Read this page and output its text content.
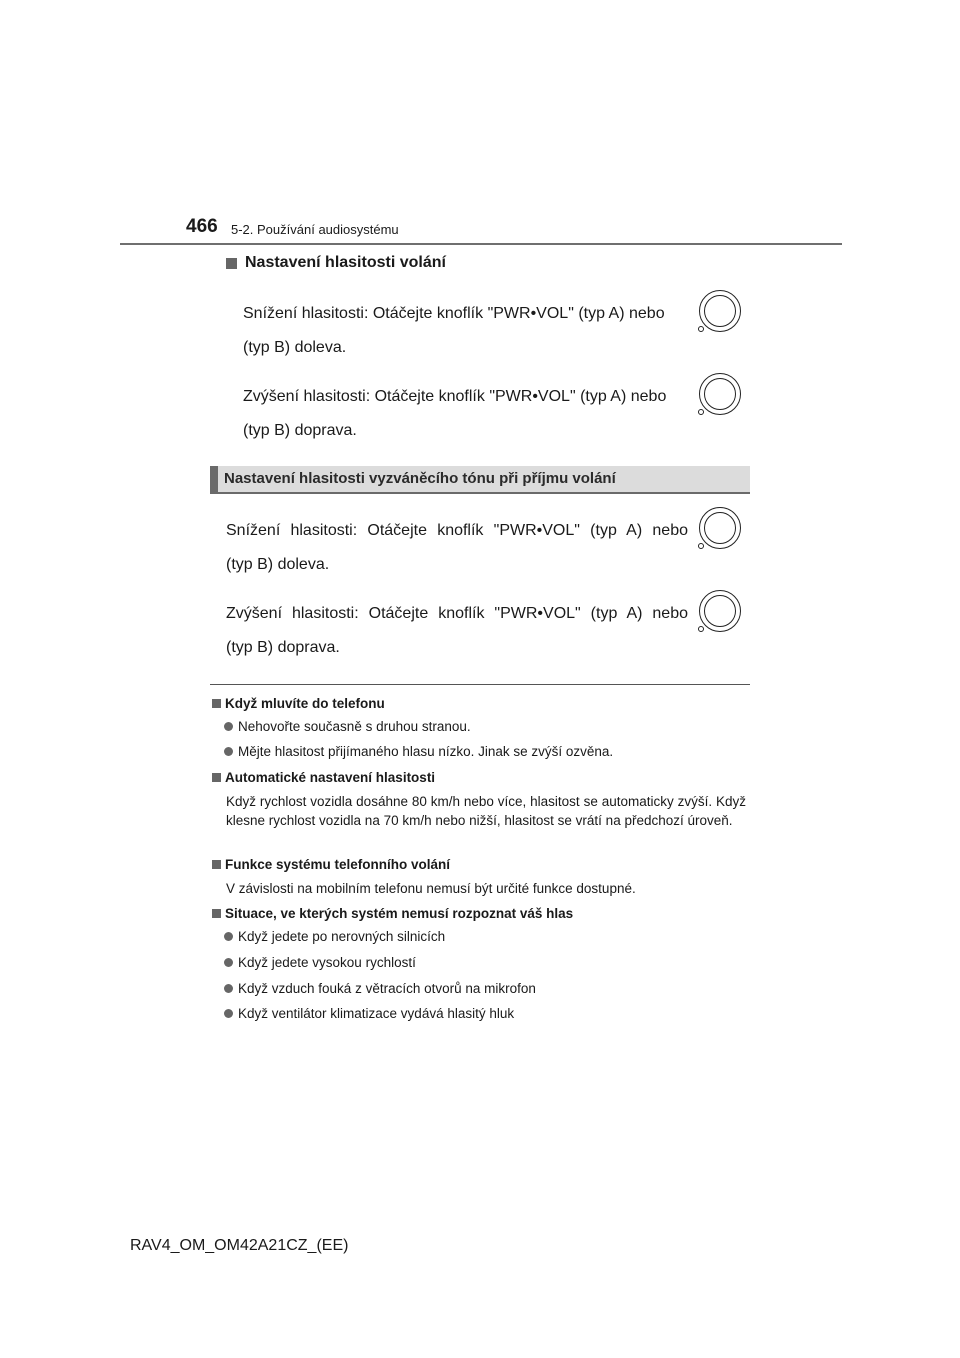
466 5-2. Používání audiosystému
Nastavení hlasitosti volání
Snížení hlasitosti: Otáčejte knoflík "PWR•VOL" (typ A) nebo
(typ B) doleva.
Zvýšení hlasitosti: Otáčejte knoflík "PWR•VOL" (typ A) nebo
(typ B) doprava.
Nastavení hlasitosti vyzváněcího tónu při příjmu volání
Snížení hlasitosti: Otáčejte knoflík "PWR•VOL" (typ A) nebo
(typ B) doleva.
Zvýšení hlasitosti: Otáčejte knoflík "PWR•VOL" (typ A) nebo
(typ B) doprava.
Když mluvíte do telefonu
Nehovořte současně s druhou stranou.
Mějte hlasitost přijímaného hlasu nízko. Jinak se zvýší ozvěna.
Automatické nastavení hlasitosti
Když rychlost vozidla dosáhne 80 km/h nebo více, hlasitost se automaticky zvýší. Když klesne rychlost vozidla na 70 km/h nebo nižší, hlasitost se vrátí na předchozí úroveň.
Funkce systému telefonního volání
V závislosti na mobilním telefonu nemusí být určité funkce dostupné.
Situace, ve kterých systém nemusí rozpoznat váš hlas
Když jedete po nerovných silnicích
Když jedete vysokou rychlostí
Když vzduch fouká z větracích otvorů na mikrofon
Když ventilátor klimatizace vydává hlasitý hluk
RAV4_OM_OM42A21CZ_(EE)
